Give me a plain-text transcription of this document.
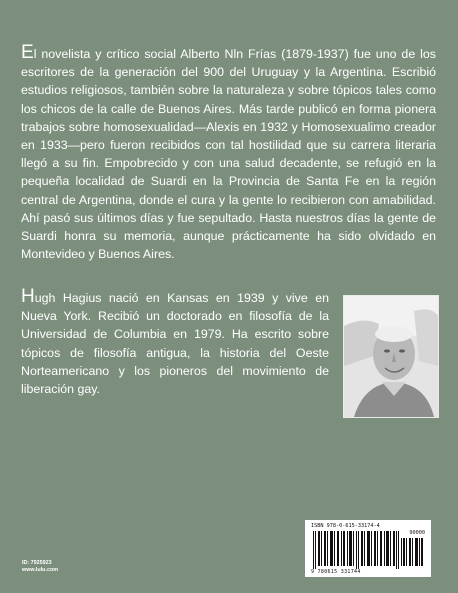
El novelista y crítico social Alberto Nln Frías (1879-1937) fue uno de los escritores de la generación del 900 del Uruguay y la Argentina. Escribió estudios religiosos, también sobre la naturaleza y sobre tópicos tales como los chicos de la calle de Buenos Aires. Más tarde publicó en forma pionera trabajos sobre homosexualidad—Alexis en 1932 y Homosexualimo creador en 1933—pero fueron recibidos con tal hostilidad que su carrera literaria llegó a su fin. Empobrecido y con una salud decadente, se refugió en la pequeña localidad de Suardi en la Provincia de Santa Fe en la región central de Argentina, donde el cura y la gente lo recibieron con amabilidad. Ahí pasó sus últimos días y fue sepultado. Hasta nuestros días la gente de Suardi honra su memoria, aunque prácticamente ha sido olvidado en Montevideo y Buenos Aires.

Hugh Hagius nació en Kansas en 1939 y vive en Nueva York. Recibió un doctorado en filosofía de la Universidad de Columbia en 1979. Ha escrito sobre tópicos de filosofía antigua, la historia del Oeste Norteamericano y los pioneros del movimiento de liberación gay.

ISBN 978-0-615-33174-4
90000
9 780615 331744
ID: 7925923
www.lulu.com
